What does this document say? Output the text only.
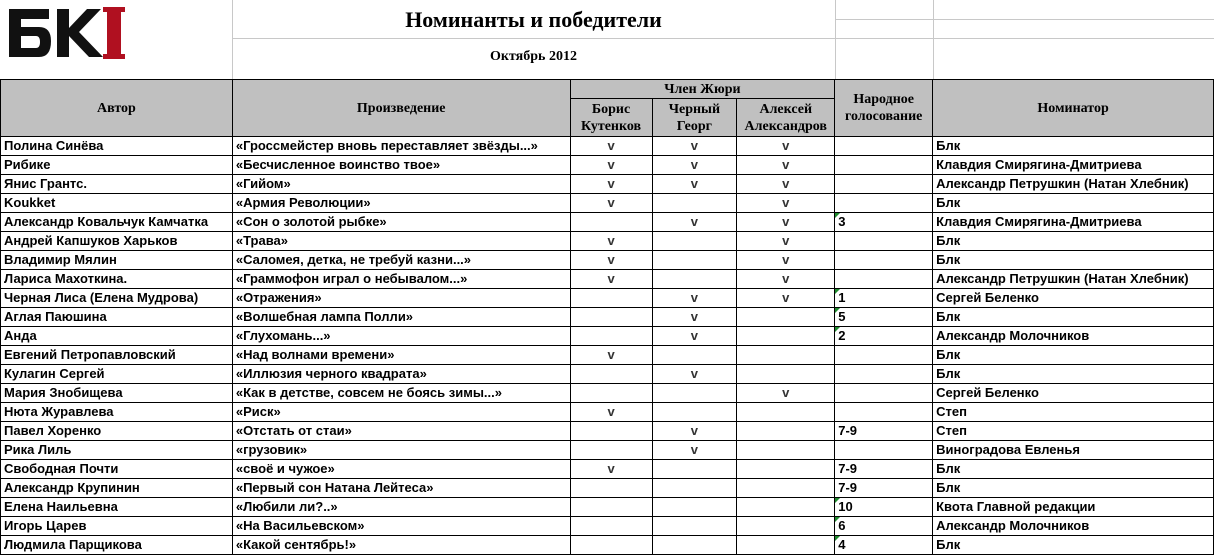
Номинанты и победители
Октябрь 2012
Автор	Произведение	Член Жюри			Народное голосование	Номинатор
		Борис Кутенков	Черный Георг	Алексей Александров		
Полина Синёва	«Гроссмейстер вновь переставляет звёзды...»	v	v	v		Блк
Рибике	«Бесчисленное воинство твое»	v	v	v		Клавдия Смирягина-Дмитриева
Янис Грантс.	«Гийом»	v	v	v		Александр Петрушкин (Натан Хлебник)
Koukket	«Армия Революции»	v		v		Блк
Александр Ковальчук Камчатка	«Сон о золотой рыбке»		v	v	3	Клавдия Смирягина-Дмитриева
Андрей Капшуков Харьков	«Трава»	v		v		Блк
Владимир Мялин	«Саломея, детка, не требуй казни...»	v		v		Блк
Лариса Махоткина.	«Граммофон играл о небывалом...»	v		v		Александр Петрушкин (Натан Хлебник)
Черная Лиса (Елена Мудрова)	«Отражения»		v	v	1	Сергей Беленко
Аглая Паюшина	«Волшебная лампа Полли»		v		5	Блк
Анда	«Глухомань...»		v		2	Александр Молочников
Евгений Петропавловский	«Над волнами времени»	v				Блк
Кулагин Сергей	«Иллюзия черного квадрата»		v			Блк
Мария Знобищева	«Как в детстве, совсем не боясь зимы...»			v		Сергей Беленко
Нюта Журавлева	«Риск»	v				Степ
Павел Хоренко	«Отстать от стаи»		v		7-9	Степ
Рика Лиль	«грузовик»		v			Виноградова Евленья
Свободная Почти	«своё и чужое»	v			7-9	Блк
Александр Крупинин	«Первый сон Натана Лейтеса»				7-9	Блк
Елена Наильевна	«Любили ли?..»				10	Квота Главной редакции
Игорь Царев	«На Васильевском»				6	Александр Молочников
Людмила Парщикова	«Какой сентябрь!»				4	Блк
